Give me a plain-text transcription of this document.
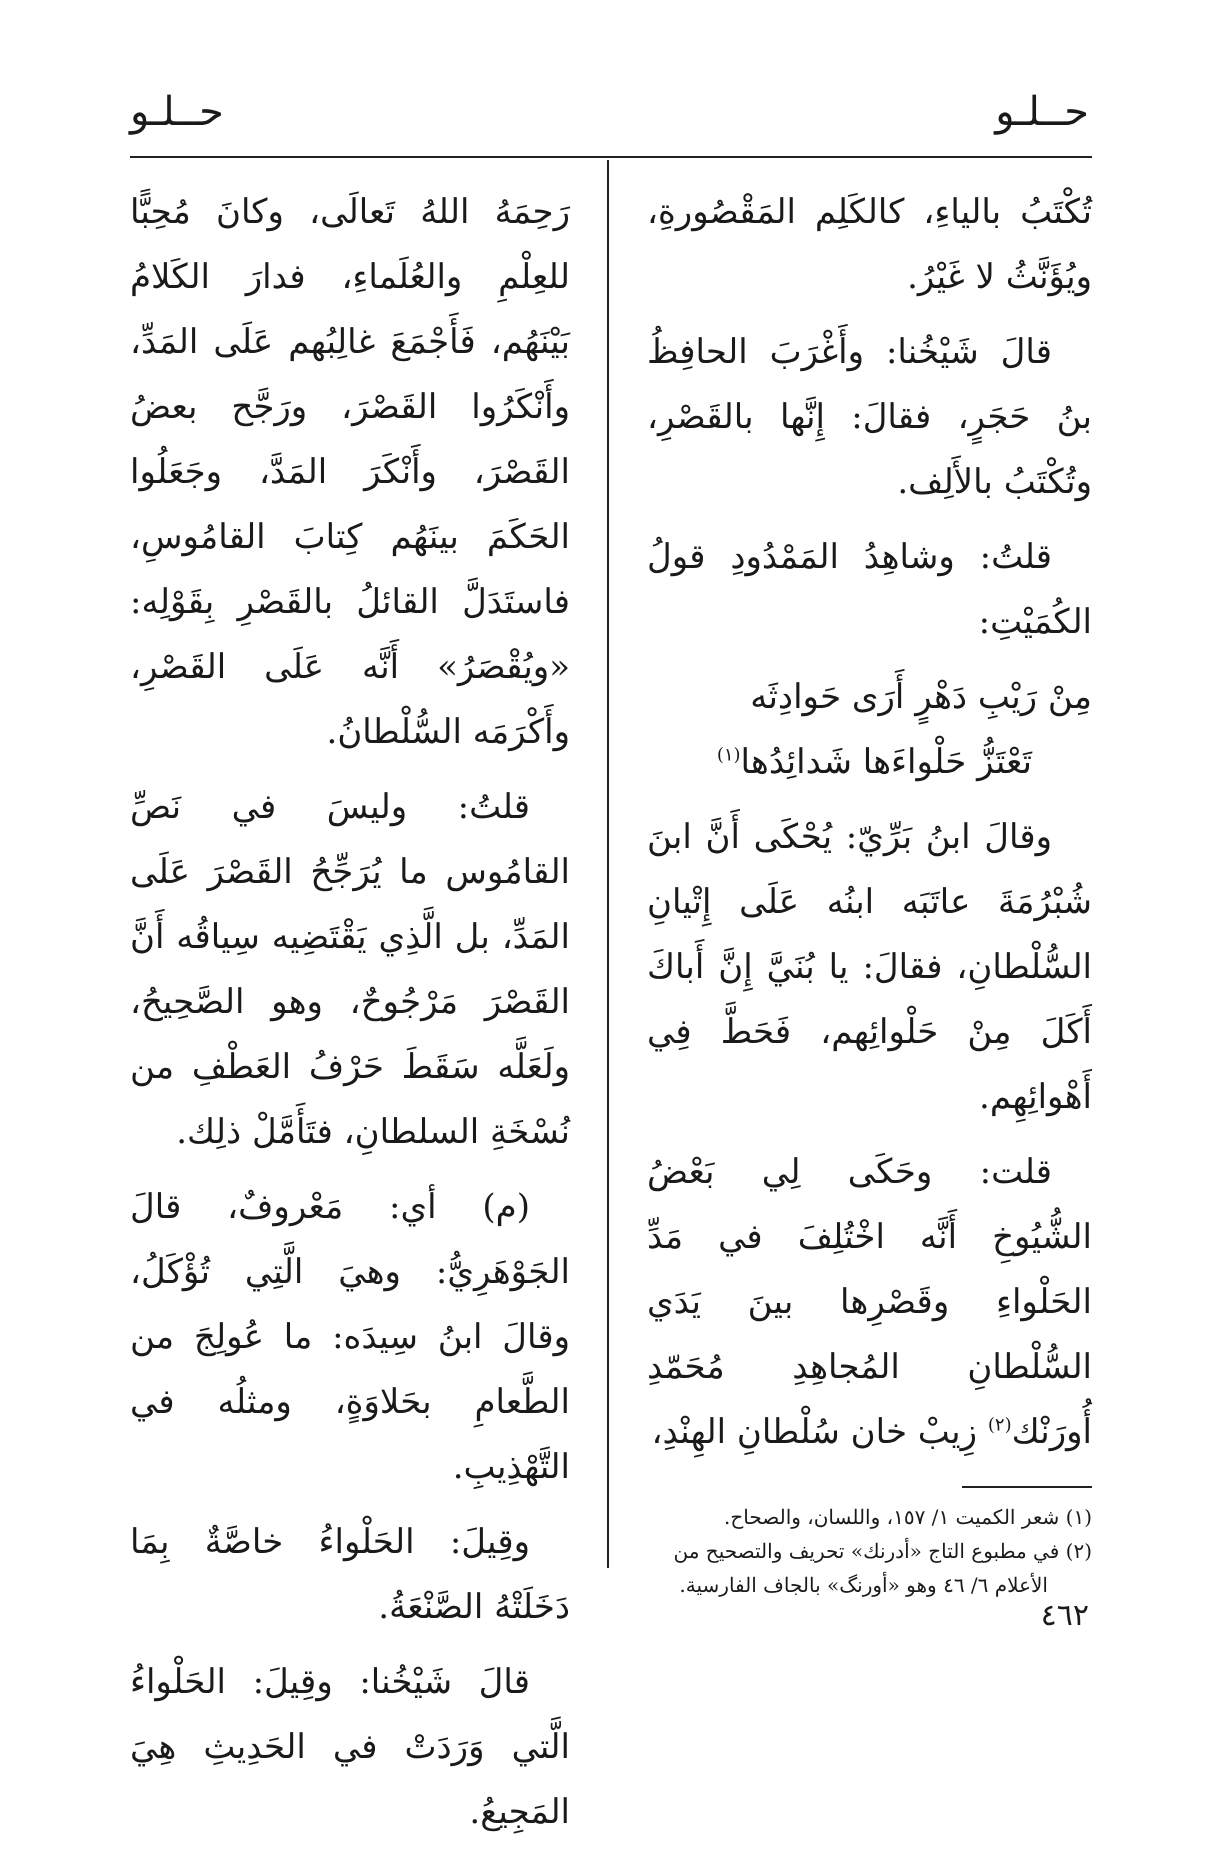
حــلـو
حــلـو

تُكْتَبُ بالياءِ، كالكَلِم المَقْصُورةِ، ويُؤَنَّثُ لا غَيْرُ.

قالَ شَيْخُنا: وأَغْرَبَ الحافِظُ بنُ حَجَرٍ، فقالَ: إِنَّها بالقَصْرِ، وتُكْتَبُ بالأَلِف.

قلتُ: وشاهِدُ المَمْدُودِ قولُ الكُمَيْتِ:

مِنْ رَيْبِ دَهْرٍ أَرَى حَوادِثَه
تَعْتَزُّ حَلْواءَها شَدائِدُها$^{(١)}$

وقالَ ابنُ بَرِّيّ: يُحْكَى أَنَّ ابنَ شُبْرُمَةَ عاتَبَه ابنُه عَلَى إِتْيانِ السُّلْطانِ، فقالَ: يا بُنَيَّ إِنَّ أَباكَ أَكَلَ مِنْ حَلْوائِهم، فَحَطَّ فِي أَهْوائِهِم.

قلت: وحَكَى لِي بَعْضُ الشُّيُوخِ أَنَّه اخْتُلِفَ في مَدِّ الحَلْواءِ وقَصْرِها بينَ يَدَي السُّلْطانِ المُجاهِدِ مُحَمّدِ أُورَنْك$^{(٢)}$ زِيبْ خان سُلْطانِ الهِنْدِ،

رَحِمَهُ اللهُ تَعالَى، وكانَ مُحِبًّا للعِلْمِ والعُلَماءِ، فدارَ الكَلامُ بَيْنَهُم، فَأَجْمَعَ غالِبُهم عَلَى المَدِّ، وأَنْكَرُوا القَصْرَ، ورَجَّح بعضُ القَصْرَ، وأَنْكَرَ المَدَّ، وجَعَلُوا الحَكَمَ بينَهُم كِتابَ القامُوسِ، فاستَدَلَّ القائلُ بالقَصْرِ بِقَوْلِه: «ويُقْصَرُ» أَنَّه عَلَى القَصْرِ، وأَكْرَمَه السُّلْطانُ.

قلتُ: وليسَ في نَصِّ القامُوس ما يُرَجِّحُ القَصْرَ عَلَى المَدِّ، بل الَّذِي يَقْتَضِيه سِياقُه أَنَّ القَصْرَ مَرْجُوحٌ، وهو الصَّحِيحُ، ولَعَلَّه سَقَطَ حَرْفُ العَطْفِ من نُسْخَةِ السلطانِ، فتَأَمَّلْ ذلِك.

(م) أي: مَعْروفٌ، قالَ الجَوْهَرِيُّ: وهيَ الَّتِي تُؤْكَلُ، وقالَ ابنُ سِيدَه: ما عُولِجَ من الطَّعامِ بحَلاوَةٍ، ومثلُه في التَّهْذِيبِ.

وقِيلَ: الحَلْواءُ خاصَّةٌ بِمَا دَخَلَتْهُ الصَّنْعَةُ.

قالَ شَيْخُنا: وقِيلَ: الحَلْواءُ الَّتي وَرَدَتْ في الحَدِيثِ هِيَ المَجِيعُ.

(١) شعر الكميت ١/ ١٥٧، واللسان، والصحاح.
(٢) في مطبوع التاج «أدرنك» تحريف والتصحيح من
الأعلام ٦/ ٤٦ وهو «أورنگ» بالجاف الفارسية.
٤٦٢
